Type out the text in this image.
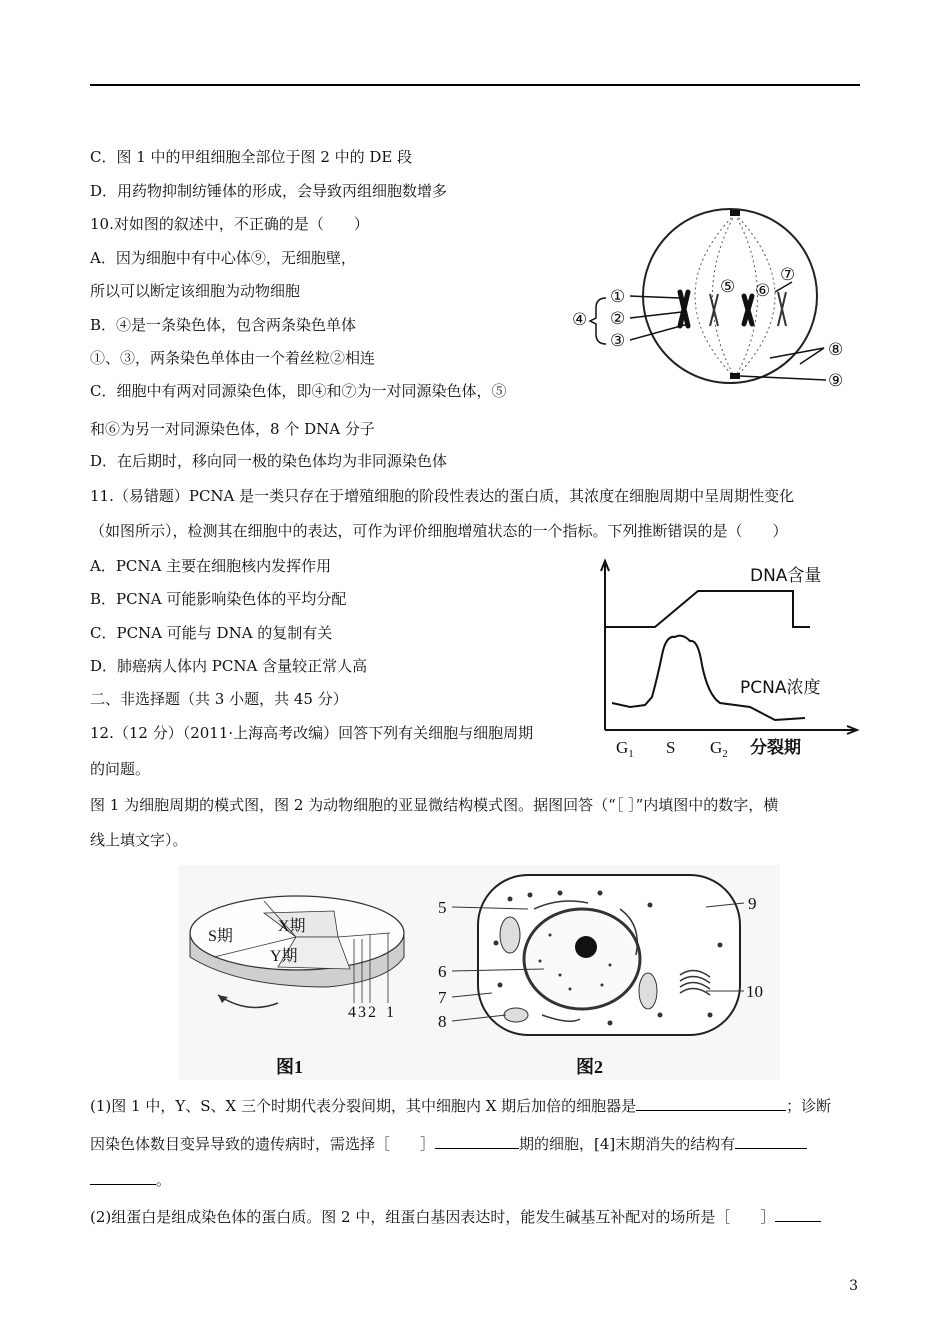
C．图 1 中的甲组细胞全部位于图 2 中的 DE 段
D．用药物抑制纺锤体的形成，会导致丙组细胞数增多
10.对如图的叙述中，不正确的是（　　）
A．因为细胞中有中心体⑨，无细胞壁，
所以可以断定该细胞为动物细胞
B．④是一条染色体，包含两条染色单体
①、③，两条染色单体由一个着丝粒②相连
C．细胞中有两对同源染色体，即④和⑦为一对同源染色体，⑤
和⑥为另一对同源染色体，8 个 DNA 分子
D．在后期时，移向同一极的染色体均为非同源染色体
11.（易错题）PCNA 是一类只存在于增殖细胞的阶段性表达的蛋白质，其浓度在细胞周期中呈周期性变化
（如图所示），检测其在细胞中的表达，可作为评价细胞增殖状态的一个指标。下列推断错误的是（　　）
A．PCNA 主要在细胞核内发挥作用
B．PCNA 可能影响染色体的平均分配
C．PCNA 可能与 DNA 的复制有关
D．肺癌病人体内 PCNA 含量较正常人高
二、非选择题（共 3 小题，共 45 分）
12.（12 分）（2011·上海高考改编）回答下列有关细胞与细胞周期
的问题。
图 1 为细胞周期的模式图，图 2 为动物细胞的亚显微结构模式图。据图回答（“［ ］”内填图中的数字，横
线上填文字）。
④
①
②
③
⑤ ⑥
⑦
⑧
⑨
DNA含量
PCNA浓度
$G_1$ S $G_2$ 分裂期
S期
X期
Y期
4 3 2 1
图1
5
6
7
8
9
10
图2
(1)图 1 中，Y、S、X 三个时期代表分裂间期，其中细胞内 X 期后加倍的细胞器是	；诊断
因染色体数目变异导致的遗传病时，需选择［　　］	期的细胞，[4]末期消失的结构有
。
(2)组蛋白是组成染色体的蛋白质。图 2 中，组蛋白基因表达时，能发生碱基互补配对的场所是［　　］
3
